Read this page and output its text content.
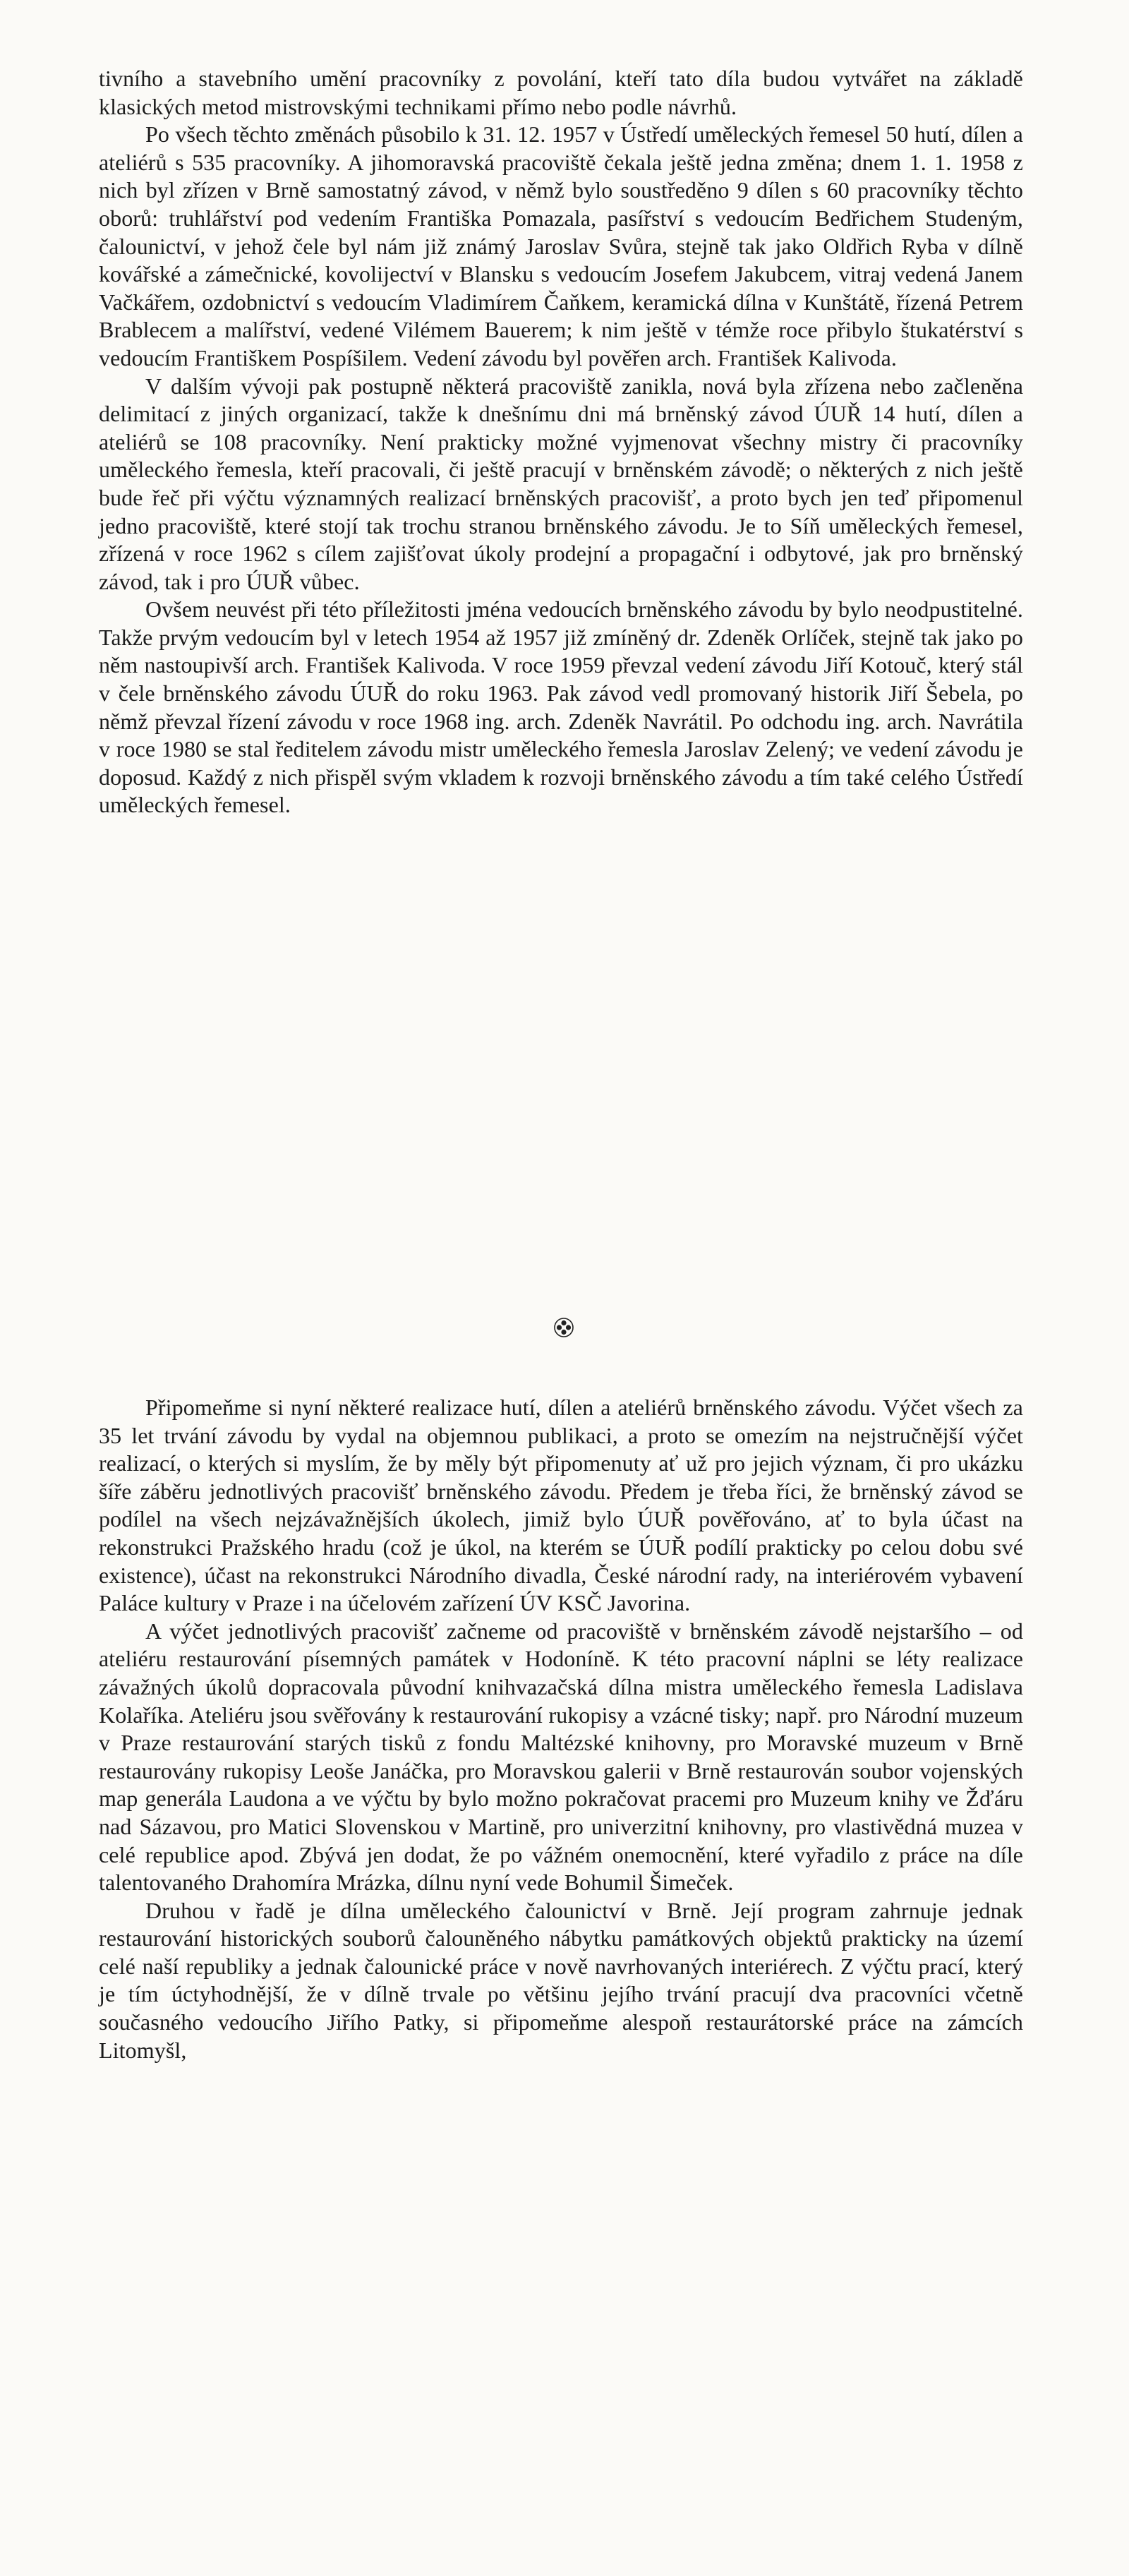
tivního a stavebního umění pracovníky z povolání, kteří tato díla budou vytvářet na základě klasických metod mistrovskými technikami přímo nebo podle návrhů.

Po všech těchto změnách působilo k 31. 12. 1957 v Ústředí uměleckých řemesel 50 hutí, dílen a ateliérů s 535 pracovníky. A jihomoravská pracoviště čekala ještě jedna změna; dnem 1. 1. 1958 z nich byl zřízen v Brně samostatný závod, v němž bylo soustředěno 9 dílen s 60 pracovníky těchto oborů: truhlářství pod vedením Františka Pomazala, pasířství s vedoucím Bedřichem Studeným, čalounictví, v jehož čele byl nám již známý Jaroslav Svůra, stejně tak jako Oldřich Ryba v dílně kovářské a zámečnické, kovolijectví v Blansku s vedoucím Josefem Jakubcem, vitraj vedená Janem Vačkářem, ozdobnictví s vedoucím Vladimírem Čaňkem, keramická dílna v Kunštátě, řízená Petrem Brablecem a malířství, vedené Vilémem Bauerem; k nim ještě v témže roce přibylo štukatérství s vedoucím Františkem Pospíšilem. Vedení závodu byl pověřen arch. František Kalivoda.

V dalším vývoji pak postupně některá pracoviště zanikla, nová byla zřízena nebo začleněna delimitací z jiných organizací, takže k dnešnímu dni má brněnský závod ÚUŘ 14 hutí, dílen a ateliérů se 108 pracovníky. Není prakticky možné vyjmenovat všechny mistry či pracovníky uměleckého řemesla, kteří pracovali, či ještě pracují v brněnském závodě; o některých z nich ještě bude řeč při výčtu významných realizací brněnských pracovišť, a proto bych jen teď připomenul jedno pracoviště, které stojí tak trochu stranou brněnského závodu. Je to Síň uměleckých řemesel, zřízená v roce 1962 s cílem zajišťovat úkoly prodejní a propagační i odbytové, jak pro brněnský závod, tak i pro ÚUŘ vůbec.

Ovšem neuvést při této příležitosti jména vedoucích brněnského závodu by bylo neodpustitelné. Takže prvým vedoucím byl v letech 1954 až 1957 již zmíněný dr. Zdeněk Orlíček, stejně tak jako po něm nastoupivší arch. František Kalivoda. V roce 1959 převzal vedení závodu Jiří Kotouč, který stál v čele brněnského závodu ÚUŘ do roku 1963. Pak závod vedl promovaný historik Jiří Šebela, po němž převzal řízení závodu v roce 1968 ing. arch. Zdeněk Navrátil. Po odchodu ing. arch. Navrátila v roce 1980 se stal ředitelem závodu mistr uměleckého řemesla Jaroslav Zelený; ve vedení závodu je doposud. Každý z nich přispěl svým vkladem k rozvoji brněnského závodu a tím také celého Ústředí uměleckých řemesel.

Připomeňme si nyní některé realizace hutí, dílen a ateliérů brněnského závodu. Výčet všech za 35 let trvání závodu by vydal na objemnou publikaci, a proto se omezím na nejstručnější výčet realizací, o kterých si myslím, že by měly být připomenuty ať už pro jejich význam, či pro ukázku šíře záběru jednotlivých pracovišť brněnského závodu. Předem je třeba říci, že brněnský závod se podílel na všech nejzávažnějších úkolech, jimiž bylo ÚUŘ pověřováno, ať to byla účast na rekonstrukci Pražského hradu (což je úkol, na kterém se ÚUŘ podílí prakticky po celou dobu své existence), účast na rekonstrukci Národního divadla, České národní rady, na interiérovém vybavení Paláce kultury v Praze i na účelovém zařízení ÚV KSČ Javorina.

A výčet jednotlivých pracovišť začneme od pracoviště v brněnském závodě nejstaršího – od ateliéru restaurování písemných památek v Hodoníně. K této pracovní náplni se léty realizace závažných úkolů dopracovala původní knihvazačská dílna mistra uměleckého řemesla Ladislava Kolaříka. Ateliéru jsou svěřovány k restaurování rukopisy a vzácné tisky; např. pro Národní muzeum v Praze restaurování starých tisků z fondu Maltézské knihovny, pro Moravské muzeum v Brně restaurovány rukopisy Leoše Janáčka, pro Moravskou galerii v Brně restaurován soubor vojenských map generála Laudona a ve výčtu by bylo možno pokračovat pracemi pro Muzeum knihy ve Žďáru nad Sázavou, pro Matici Slovenskou v Martině, pro univerzitní knihovny, pro vlastivědná muzea v celé republice apod. Zbývá jen dodat, že po vážném onemocnění, které vyřadilo z práce na díle talentovaného Drahomíra Mrázka, dílnu nyní vede Bohumil Šimeček.

Druhou v řadě je dílna uměleckého čalounictví v Brně. Její program zahrnuje jednak restaurování historických souborů čalouněného nábytku památkových objektů prakticky na území celé naší republiky a jednak čalounické práce v nově navrhovaných interiérech. Z výčtu prací, který je tím úctyhodnější, že v dílně trvale po většinu jejího trvání pracují dva pracovníci včetně současného vedoucího Jiřího Patky, si připomeňme alespoň restaurátorské práce na zámcích Litomyšl,
